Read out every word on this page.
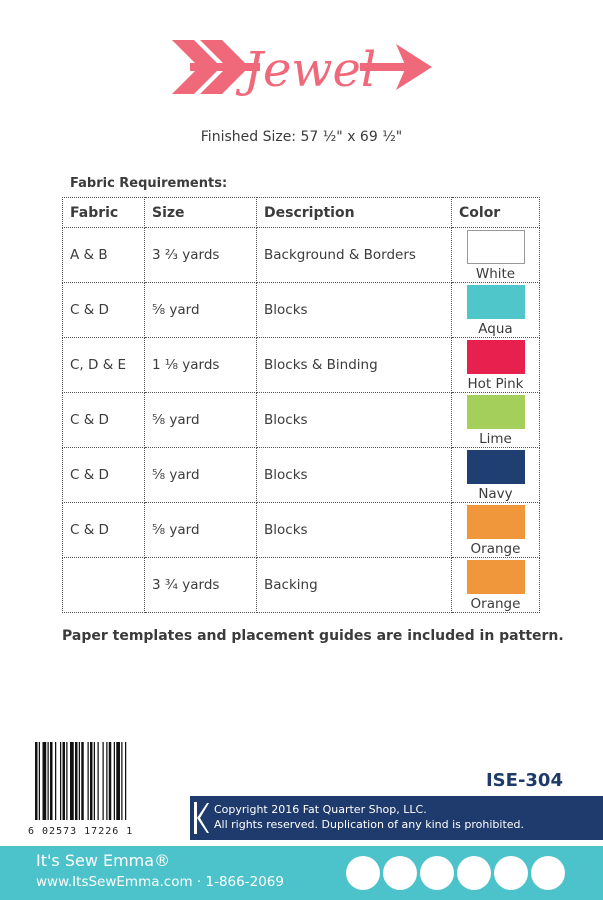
Jewel
Finished Size: 57 ½" x 69 ½"
Fabric Requirements:
Fabric	Size	Description	Color
A & B	3 ⅔ yards	Background & Borders	White

C & D	⅝ yard	Blocks	Aqua

C, D & E	1 ⅛ yards	Blocks & Binding	Hot Pink

C & D	⅝ yard	Blocks	Lime

C & D	⅝ yard	Blocks	Navy

C & D	⅝ yard	Blocks	Orange

	3 ¾ yards	Backing	Orange
Paper templates and placement guides are included in pattern.
6 02573 17226 1
ISE-304
Copyright 2016 Fat Quarter Shop, LLC.
All rights reserved. Duplication of any kind is prohibited.
It's Sew Emma®
www.ItsSewEmma.com · 1-866-2069
